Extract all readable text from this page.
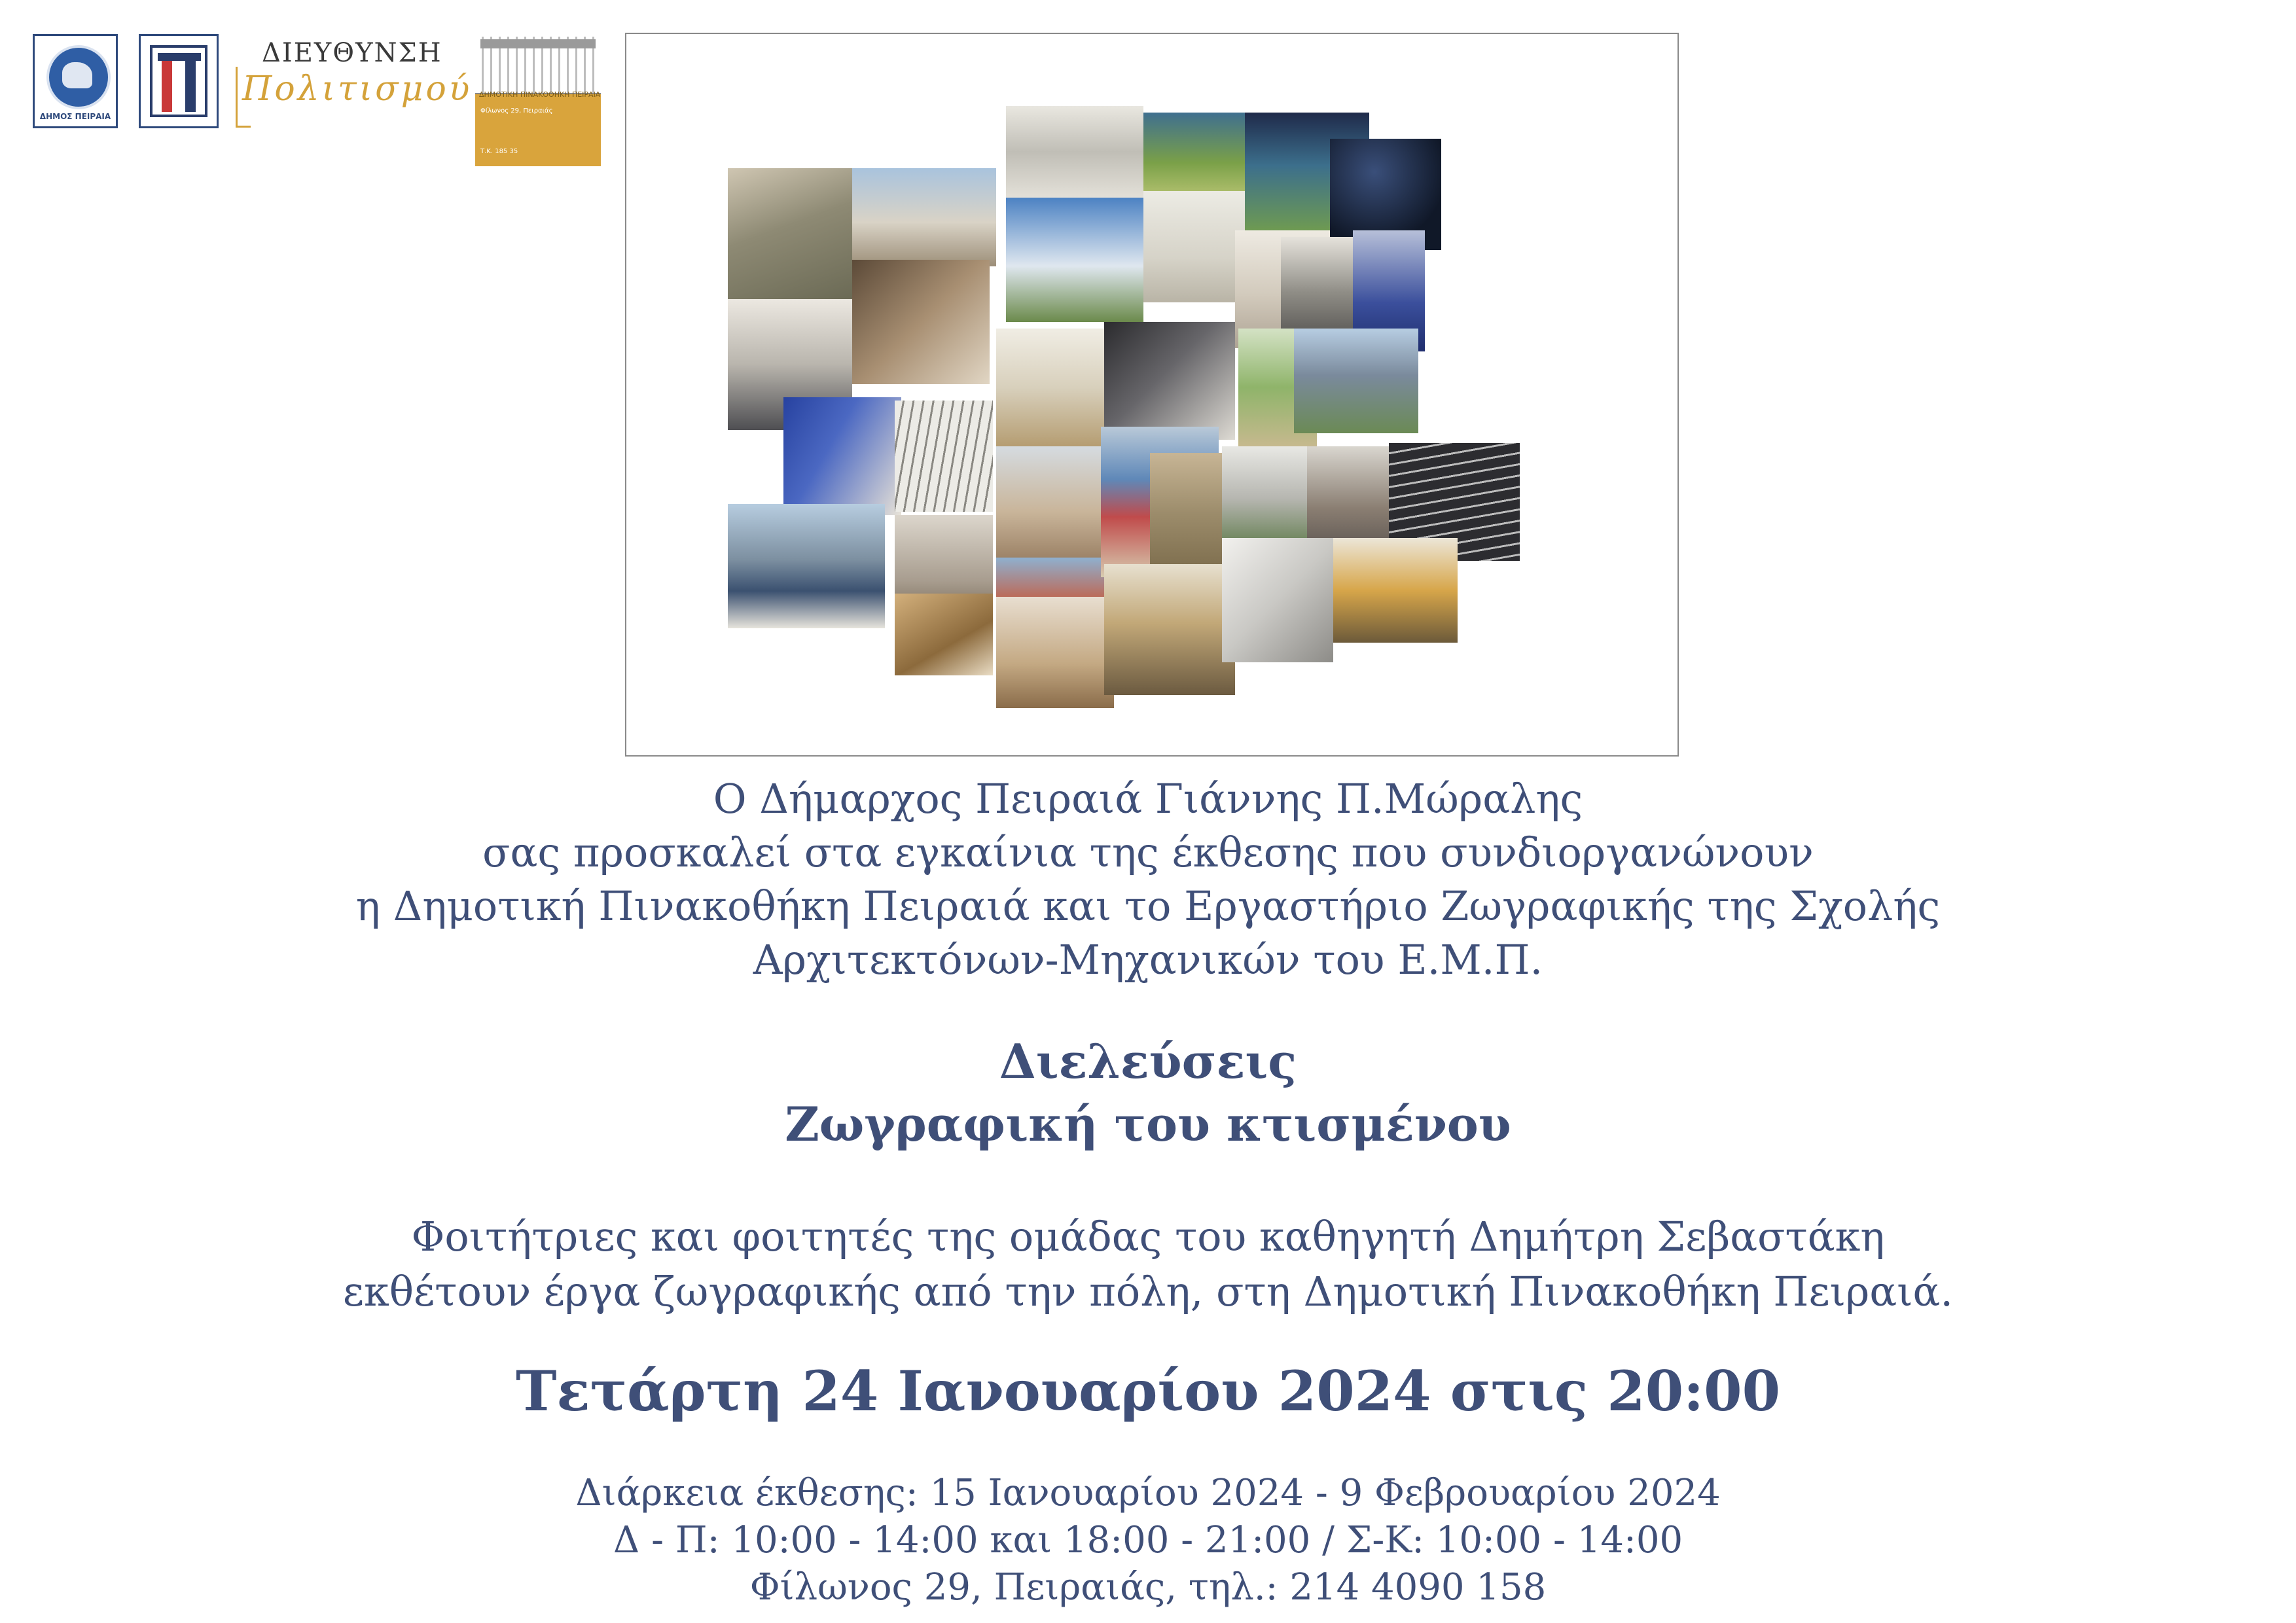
ΔΗΜΟΣ ΠΕΙΡΑΙΑ
ΔΙΕΥΘΥΝΣΗ
Πολιτισμού ΔΗΜΟΤΙΚΗ ΠΙΝΑΚΟΘΗΚΗ ΠΕΙΡΑΙΑ
Φίλωνος 29, Πειραιάς
Τ.Κ. 185 35
Ο Δήμαρχος Πειραιά Γιάννης Π.Μώραλης
σας προσκαλεί στα εγκαίνια της έκθεσης που συνδιοργανώνουν
η Δημοτική Πινακοθήκη Πειραιά και το Εργαστήριο Ζωγραφικής της Σχολής
Αρχιτεκτόνων-Μηχανικών του Ε.Μ.Π.
Διελεύσεις
Ζωγραφική του κτισμένου
Φοιτήτριες και φοιτητές της ομάδας του καθηγητή Δημήτρη Σεβαστάκη
εκθέτουν έργα ζωγραφικής από την πόλη, στη Δημοτική Πινακοθήκη Πειραιά.
Τετάρτη 24 Ιανουαρίου 2024 στις 20:00
Διάρκεια έκθεσης: 15 Ιανουαρίου 2024 - 9 Φεβρουαρίου 2024
Δ - Π: 10:00 - 14:00 και 18:00 - 21:00 / Σ-Κ: 10:00 - 14:00
Φίλωνος 29, Πειραιάς, τηλ.: 214 4090 158
